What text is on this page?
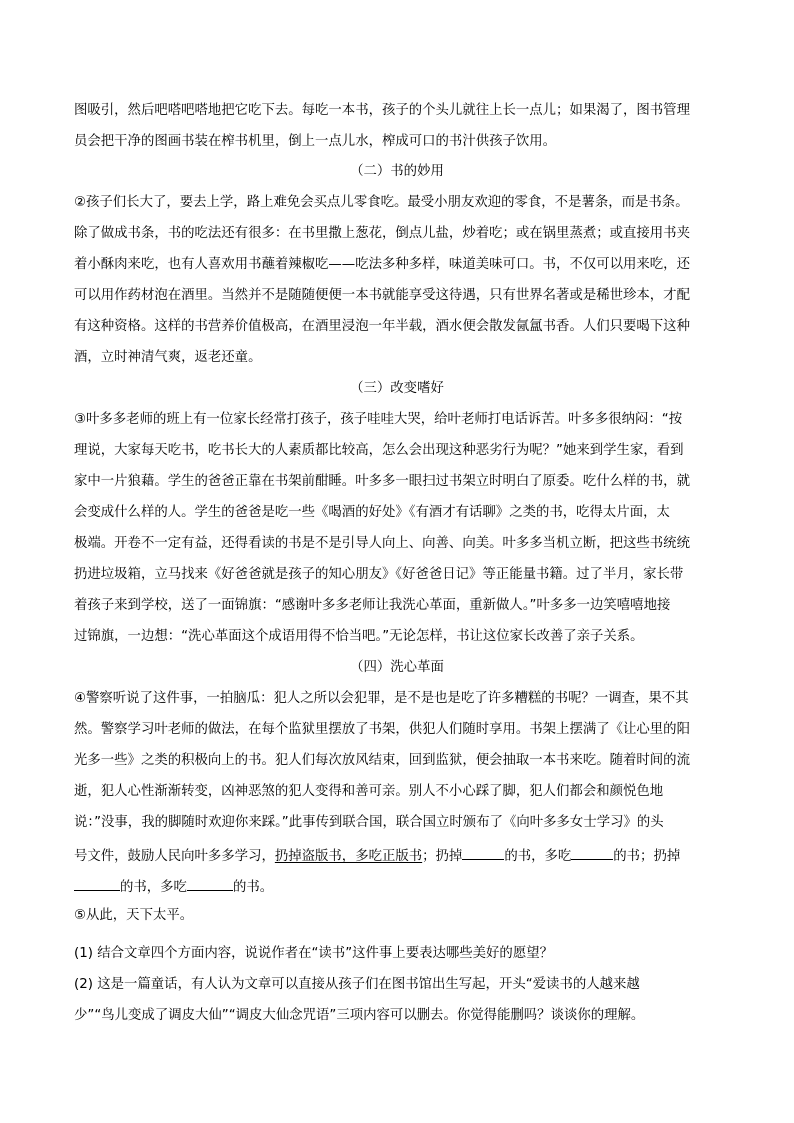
图吸引，然后吧嗒吧嗒地把它吃下去。每吃一本书，孩子的个头儿就往上长一点儿；如果渴了，图书管理
员会把干净的图画书装在榨书机里，倒上一点儿水，榨成可口的书汁供孩子饮用。
（二）书的妙用
②孩子们长大了，要去上学，路上难免会买点儿零食吃。最受小朋友欢迎的零食，不是薯条，而是书条。
除了做成书条，书的吃法还有很多：在书里撒上葱花，倒点儿盐，炒着吃；或在锅里蒸煮；或直接用书夹
着小酥肉来吃，也有人喜欢用书蘸着辣椒吃——吃法多种多样，味道美味可口。书，不仅可以用来吃，还
可以用作药材泡在酒里。当然并不是随随便便一本书就能享受这待遇，只有世界名著或是稀世珍本，才配
有这种资格。这样的书营养价值极高，在酒里浸泡一年半载，酒水便会散发氤氲书香。人们只要喝下这种
酒，立时神清气爽，返老还童。
（三）改变嗜好
③叶多多老师的班上有一位家长经常打孩子，孩子哇哇大哭，给叶老师打电话诉苦。叶多多很纳闷：“按
理说，大家每天吃书，吃书长大的人素质都比较高，怎么会出现这种恶劣行为呢？”她来到学生家，看到
家中一片狼藉。学生的爸爸正靠在书架前酣睡。叶多多一眼扫过书架立时明白了原委。吃什么样的书，就
会变成什么样的人。学生的爸爸是吃一些《喝酒的好处》《有酒才有话聊》之类的书，吃得太片面，太
极端。开卷不一定有益，还得看读的书是不是引导人向上、向善、向美。叶多多当机立断，把这些书统统
扔进垃圾箱，立马找来《好爸爸就是孩子的知心朋友》《好爸爸日记》等正能量书籍。过了半月，家长带
着孩子来到学校，送了一面锦旗：“感谢叶多多老师让我洗心革面，重新做人。”叶多多一边笑嘻嘻地接
过锦旗，一边想：“洗心革面这个成语用得不恰当吧。”无论怎样，书让这位家长改善了亲子关系。
（四）洗心革面
④警察听说了这件事，一拍脑瓜：犯人之所以会犯罪，是不是也是吃了许多糟糕的书呢？一调查，果不其
然。警察学习叶老师的做法，在每个监狱里摆放了书架，供犯人们随时享用。书架上摆满了《让心里的阳
光多一些》之类的积极向上的书。犯人们每次放风结束，回到监狱，便会抽取一本书来吃。随着时间的流
逝，犯人心性渐渐转变，凶神恶煞的犯人变得和善可亲。别人不小心踩了脚，犯人们都会和颜悦色地
说：”没事，我的脚随时欢迎你来踩。”此事传到联合国，联合国立时颁布了《向叶多多女士学习》的头
号文件，鼓励人民向叶多多学习，扔掉盗版书，多吃正版书；扔掉	的书，多吃	的书；扔掉
的书，多吃	的书。
⑤从此，天下太平。
(1) 结合文章四个方面内容，说说作者在“读书”这件事上要表达哪些美好的愿望？
(2) 这是一篇童话，有人认为文章可以直接从孩子们在图书馆出生写起，开头“爱读书的人越来越
少”“鸟儿变成了调皮大仙”“调皮大仙念咒语”三项内容可以删去。你觉得能删吗？谈谈你的理解。
